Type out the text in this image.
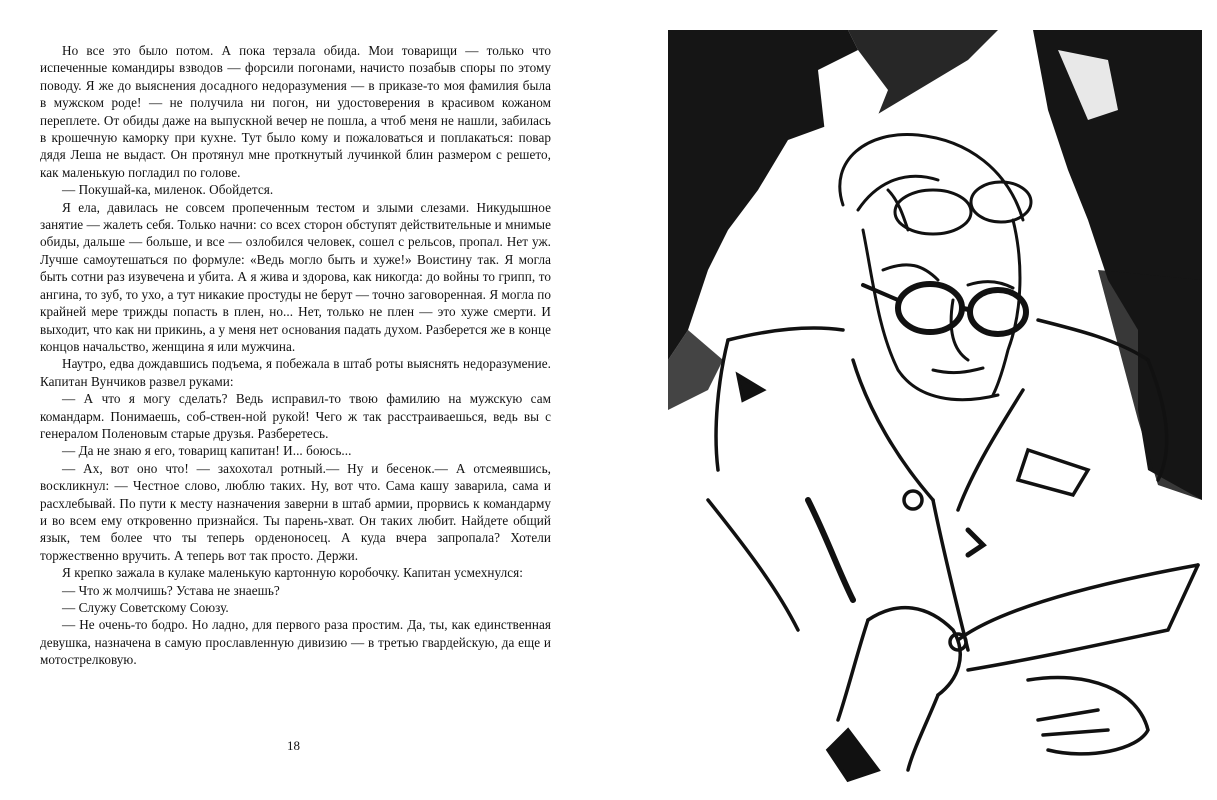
Но все это было потом. А пока терзала обида. Мои товарищи — только что испеченные командиры взводов — форсили погонами, начисто позабыв споры по этому поводу. Я же до выяснения досадного недоразумения — в приказе-то моя фамилия была в мужском роде! — не получила ни погон, ни удостоверения в красивом кожаном переплете. От обиды даже на выпускной вечер не пошла, а чтоб меня не нашли, забилась в крошечную каморку при кухне. Тут было кому и пожаловаться и поплакаться: повар дядя Леша не выдаст. Он протянул мне проткнутый лучинкой блин размером с решето, как маленькую погладил по голове.

— Покушай-ка, миленок. Обойдется.

Я ела, давилась не совсем пропеченным тестом и злыми слезами. Никудышное занятие — жалеть себя. Только начни: со всех сторон обступят действительные и мнимые обиды, дальше — больше, и все — озлобился человек, сошел с рельсов, пропал. Нет уж. Лучше самоутешаться по формуле: «Ведь могло быть и хуже!» Воистину так. Я могла быть сотни раз изувечена и убита. А я жива и здорова, как никогда: до войны то грипп, то ангина, то зуб, то ухо, а тут никакие простуды не берут — точно заговоренная. Я могла по крайней мере трижды попасть в плен, но... Нет, только не плен — это хуже смерти. И выходит, что как ни прикинь, а у меня нет основания падать духом. Разберется же в конце концов начальство, женщина я или мужчина.

Наутро, едва дождавшись подъема, я побежала в штаб роты выяснять недоразумение. Капитан Вунчиков развел руками:

— А что я могу сделать? Ведь исправил-то твою фамилию на мужскую сам командарм. Понимаешь, соб-ствен-ной рукой! Чего ж так расстраиваешься, ведь вы с генералом Поленовым старые друзья. Разберетесь.

— Да не знаю я его, товарищ капитан! И... боюсь...

— Ах, вот оно что! — захохотал ротный.— Ну и бесенок.— А отсмеявшись, воскликнул: — Честное слово, люблю таких. Ну, вот что. Сама кашу заварила, сама и расхлебывай. По пути к месту назначения заверни в штаб армии, прорвись к командарму и во всем ему откровенно признайся. Ты парень-хват. Он таких любит. Найдете общий язык, тем более что ты теперь орденоносец. А куда вчера запропала? Хотели торжественно вручить. А теперь вот так просто. Держи.

Я крепко зажала в кулаке маленькую картонную коробочку. Капитан усмехнулся:

— Что ж молчишь? Устава не знаешь?

— Служу Советскому Союзу.

— Не очень-то бодро. Но ладно, для первого раза простим. Да, ты, как единственная девушка, назначена в самую прославленную дивизию — в третью гвардейскую, да еще и мотострелковую.

18
